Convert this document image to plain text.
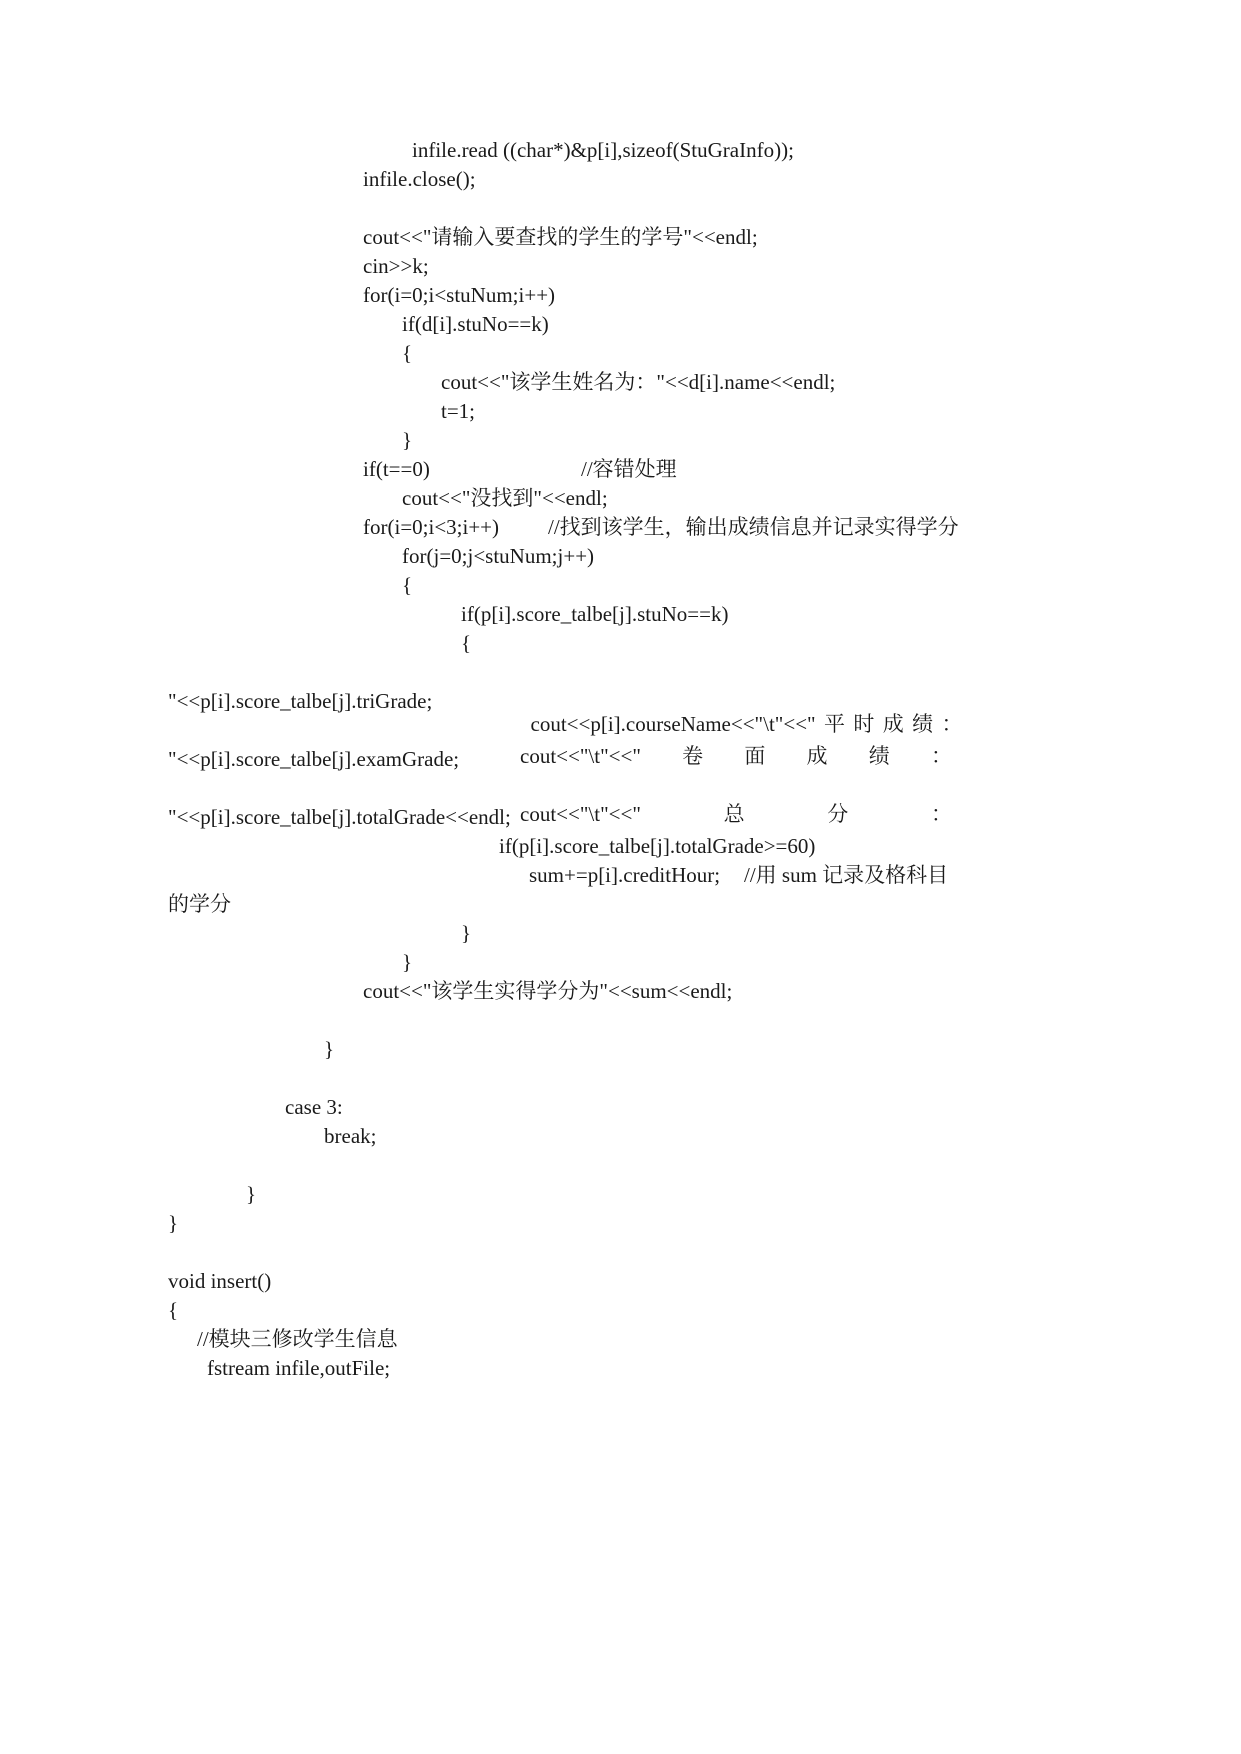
infile.read ((char*)&p[i],sizeof(StuGraInfo));
infile.close();
cout<<"请输入要查找的学生的学号"<<endl;
cin>>k;
for(i=0;i<stuNum;i++)
if(d[i].stuNo==k)
{
cout<<"该学生姓名为："<<d[i].name<<endl;
t=1;
}
if(t==0)	//容错处理
cout<<"没找到"<<endl;
for(i=0;i<3;i++) //找到该学生，输出成绩信息并记录实得学分
for(j=0;j<stuNum;j++)
{
if(p[i].score_talbe[j].stuNo==k)
{

cout<<p[i].courseName<<"\t"<<"平时成绩：

"<<p[i].score_talbe[j].triGrade;

cout<<"\t"<<"卷面成绩：

"<<p[i].score_talbe[j].examGrade;

cout<<"\t"<<"总分：

"<<p[i].score_talbe[j].totalGrade<<endl;
if(p[i].score_talbe[j].totalGrade>=60)
sum+=p[i].creditHour; //用 sum 记录及格科目
的学分
}
}
cout<<"该学生实得学分为"<<sum<<endl;
}
case 3:
break;
}
}
void insert()
{
//模块三修改学生信息
fstream infile,outFile;
